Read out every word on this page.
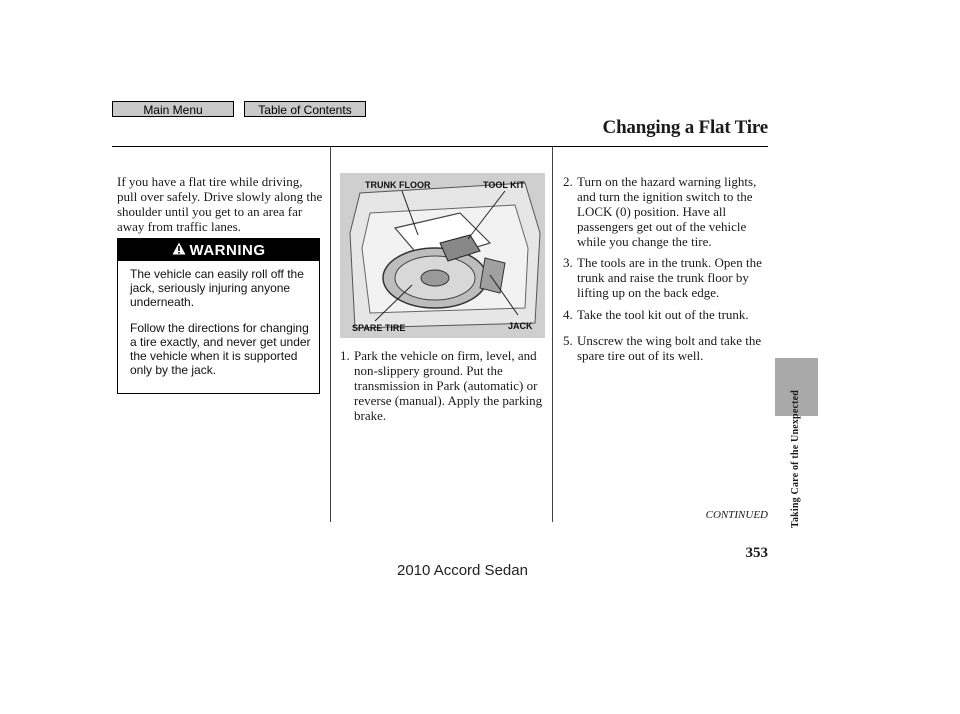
Main Menu	Table of Contents
Changing a Flat Tire
If you have a flat tire while driving, pull over safely. Drive slowly along the shoulder until you get to an area far away from traffic lanes.
WARNING

The vehicle can easily roll off the jack, seriously injuring anyone underneath.

Follow the directions for changing a tire exactly, and never get under the vehicle when it is supported only by the jack.

TRUNK FLOOR	TOOL KIT
SPARE TIRE	JACK
1. Park the vehicle on firm, level, and non-slippery ground. Put the transmission in Park (automatic) or reverse (manual). Apply the parking brake.
2. Turn on the hazard warning lights, and turn the ignition switch to the LOCK (0) position. Have all passengers get out of the vehicle while you change the tire.
3. The tools are in the trunk. Open the trunk and raise the trunk floor by lifting up on the back edge.
4. Take the tool kit out of the trunk.
5. Unscrew the wing bolt and take the spare tire out of its well.
Taking Care of the Unexpected
CONTINUED
353
2010 Accord Sedan
